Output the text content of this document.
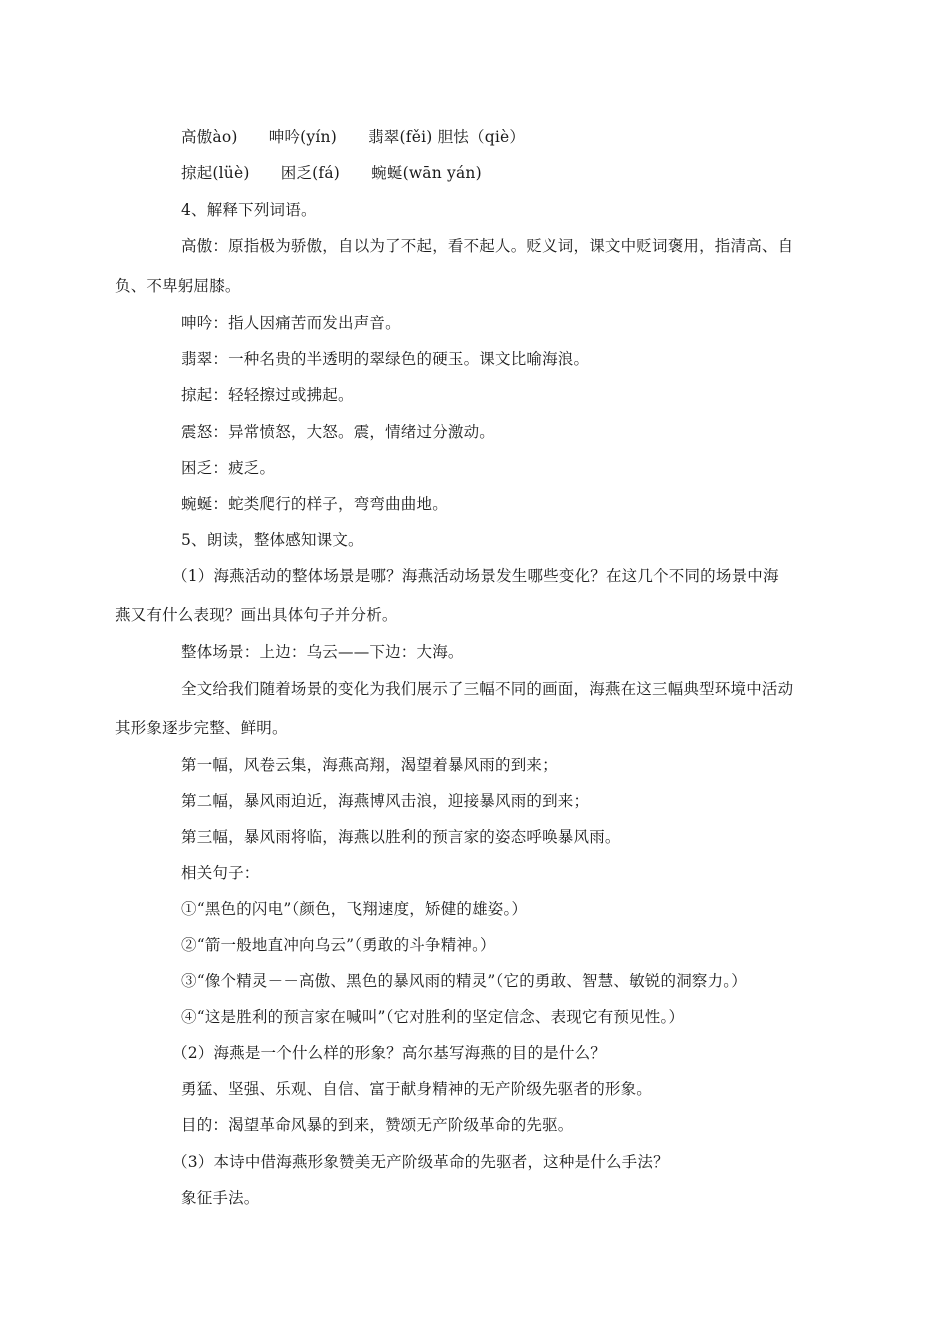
高傲ào) 呻吟(yín) 翡翠(fěi) 胆怯（qiè）
掠起(lüè) 困乏(fá) 蜿蜒(wān yán)
4、解释下列词语。
高傲：原指极为骄傲，自以为了不起，看不起人。贬义词，课文中贬词褒用，指清高、自
负、不卑躬屈膝。
呻吟：指人因痛苦而发出声音。
翡翠：一种名贵的半透明的翠绿色的硬玉。课文比喻海浪。
掠起：轻轻擦过或拂起。
震怒：异常愤怒，大怒。震，情绪过分激动。
困乏：疲乏。
蜿蜒：蛇类爬行的样子，弯弯曲曲地。
5、朗读，整体感知课文。
（1）海燕活动的整体场景是哪？海燕活动场景发生哪些变化？在这几个不同的场景中海
燕又有什么表现？画出具体句子并分析。
整体场景：上边：乌云——下边：大海。
全文给我们随着场景的变化为我们展示了三幅不同的画面，海燕在这三幅典型环境中活动
其形象逐步完整、鲜明。
第一幅，风卷云集，海燕高翔，渴望着暴风雨的到来；
第二幅，暴风雨迫近，海燕博风击浪，迎接暴风雨的到来；
第三幅，暴风雨将临，海燕以胜利的预言家的姿态呼唤暴风雨。
相关句子：
①“黑色的闪电”（颜色，飞翔速度，矫健的雄姿。）
②“箭一般地直冲向乌云”（勇敢的斗争精神。）
③“像个精灵－－高傲、黑色的暴风雨的精灵”（它的勇敢、智慧、敏锐的洞察力。）
④“这是胜利的预言家在喊叫”（它对胜利的坚定信念、表现它有预见性。）
（2）海燕是一个什么样的形象？高尔基写海燕的目的是什么？
勇猛、坚强、乐观、自信、富于献身精神的无产阶级先驱者的形象。
目的：渴望革命风暴的到来，赞颂无产阶级革命的先驱。
（3）本诗中借海燕形象赞美无产阶级革命的先驱者，这种是什么手法？
象征手法。
